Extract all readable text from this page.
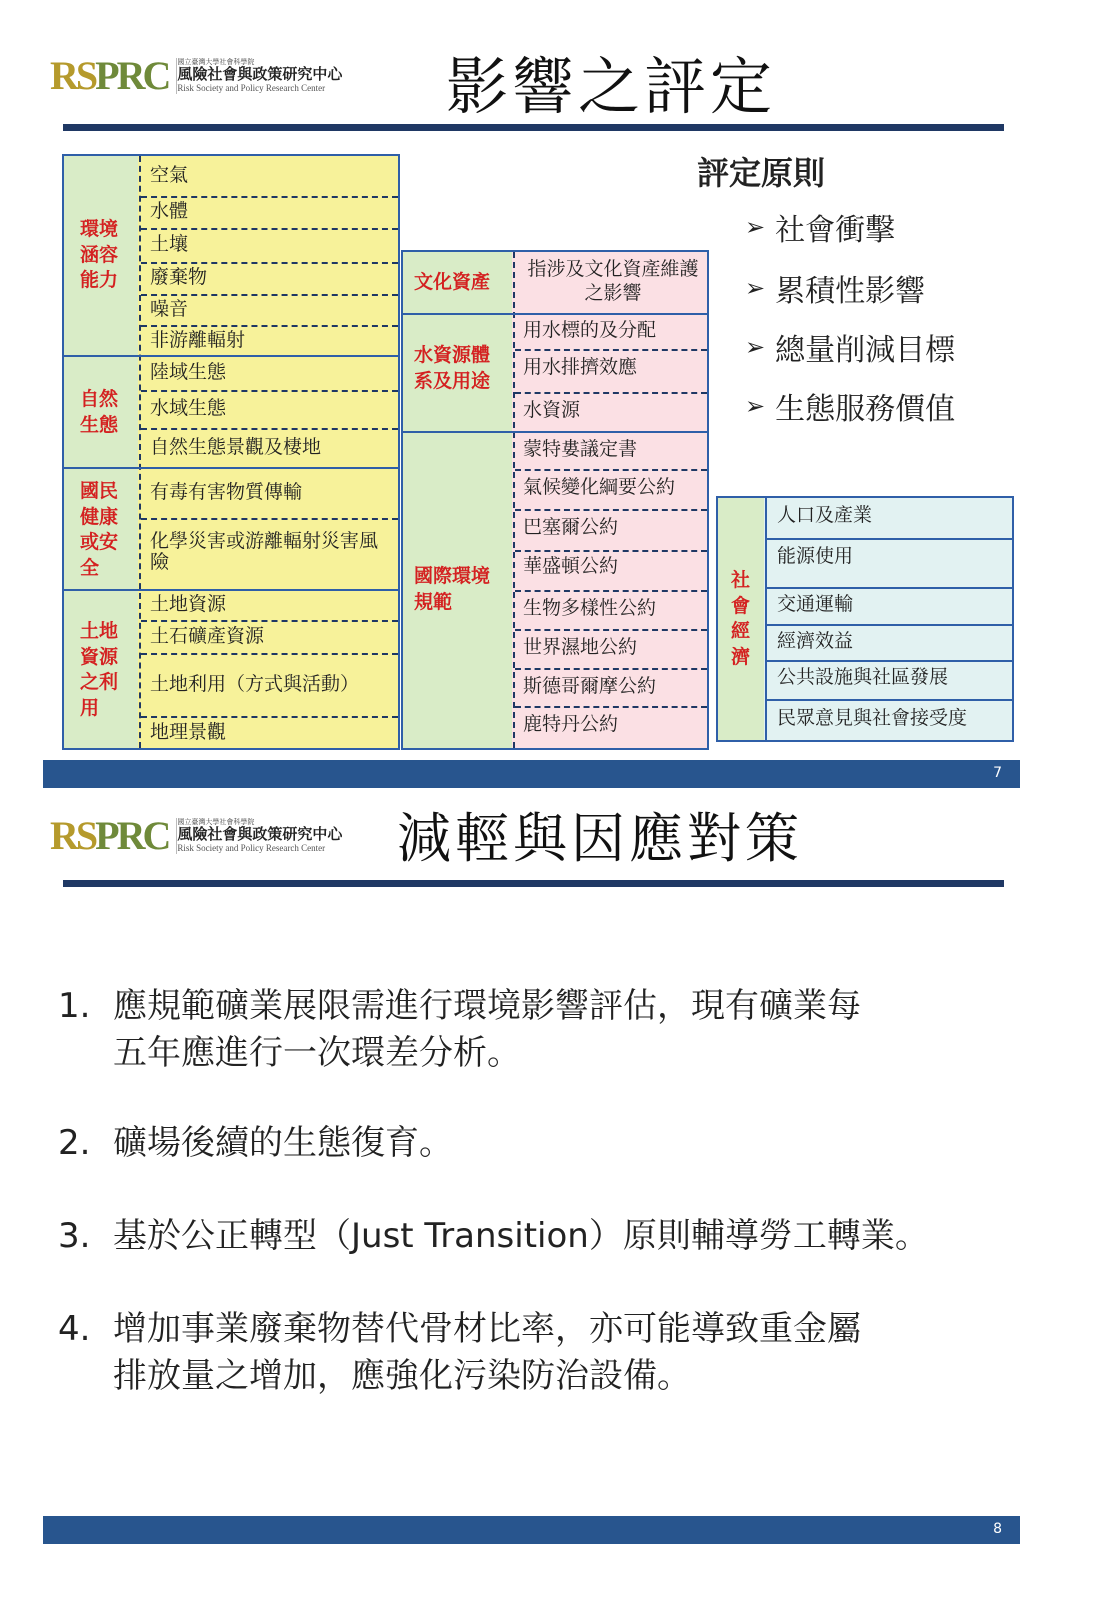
RSPRC 國立臺灣大學社會科學院
風險社會與政策研究中心
Risk Society and Policy Research Center 影響之評定
環境涵容能力
自然生態
國民健康或安全
土地資源之利用
空氣
水體
土壤
廢棄物
噪音
非游離輻射
陸域生態
水域生態
自然生態景觀及棲地
有毒有害物質傳輸
化學災害或游離輻射災害風險
土地資源
土石礦產資源
土地利用（方式與活動）
地理景觀
文化資產
水資源體系及用途
國際環境規範
指涉及文化資產維護之影響
用水標的及分配
用水排擠效應
水資源
蒙特婁議定書
氣候變化綱要公約
巴塞爾公約
華盛頓公約
生物多樣性公約
世界濕地公約
斯德哥爾摩公約
鹿特丹公約
社會經濟
人口及產業
能源使用
交通運輸
經濟效益
公共設施與社區發展
民眾意見與社會接受度
評定原則
➢ 社會衝擊
➢ 累積性影響
➢ 總量削減目標
➢ 生態服務價值
7
RSPRC 國立臺灣大學社會科學院
風險社會與政策研究中心
Risk Society and Policy Research Center	減輕與因應對策
1. 應規範礦業展限需進行環境影響評估，現有礦業每
五年應進行一次環差分析。
2. 礦場後續的生態復育。
3. 基於公正轉型（Just Transition）原則輔導勞工轉業。
4. 增加事業廢棄物替代骨材比率，亦可能導致重金屬
排放量之增加，應強化污染防治設備。
8
